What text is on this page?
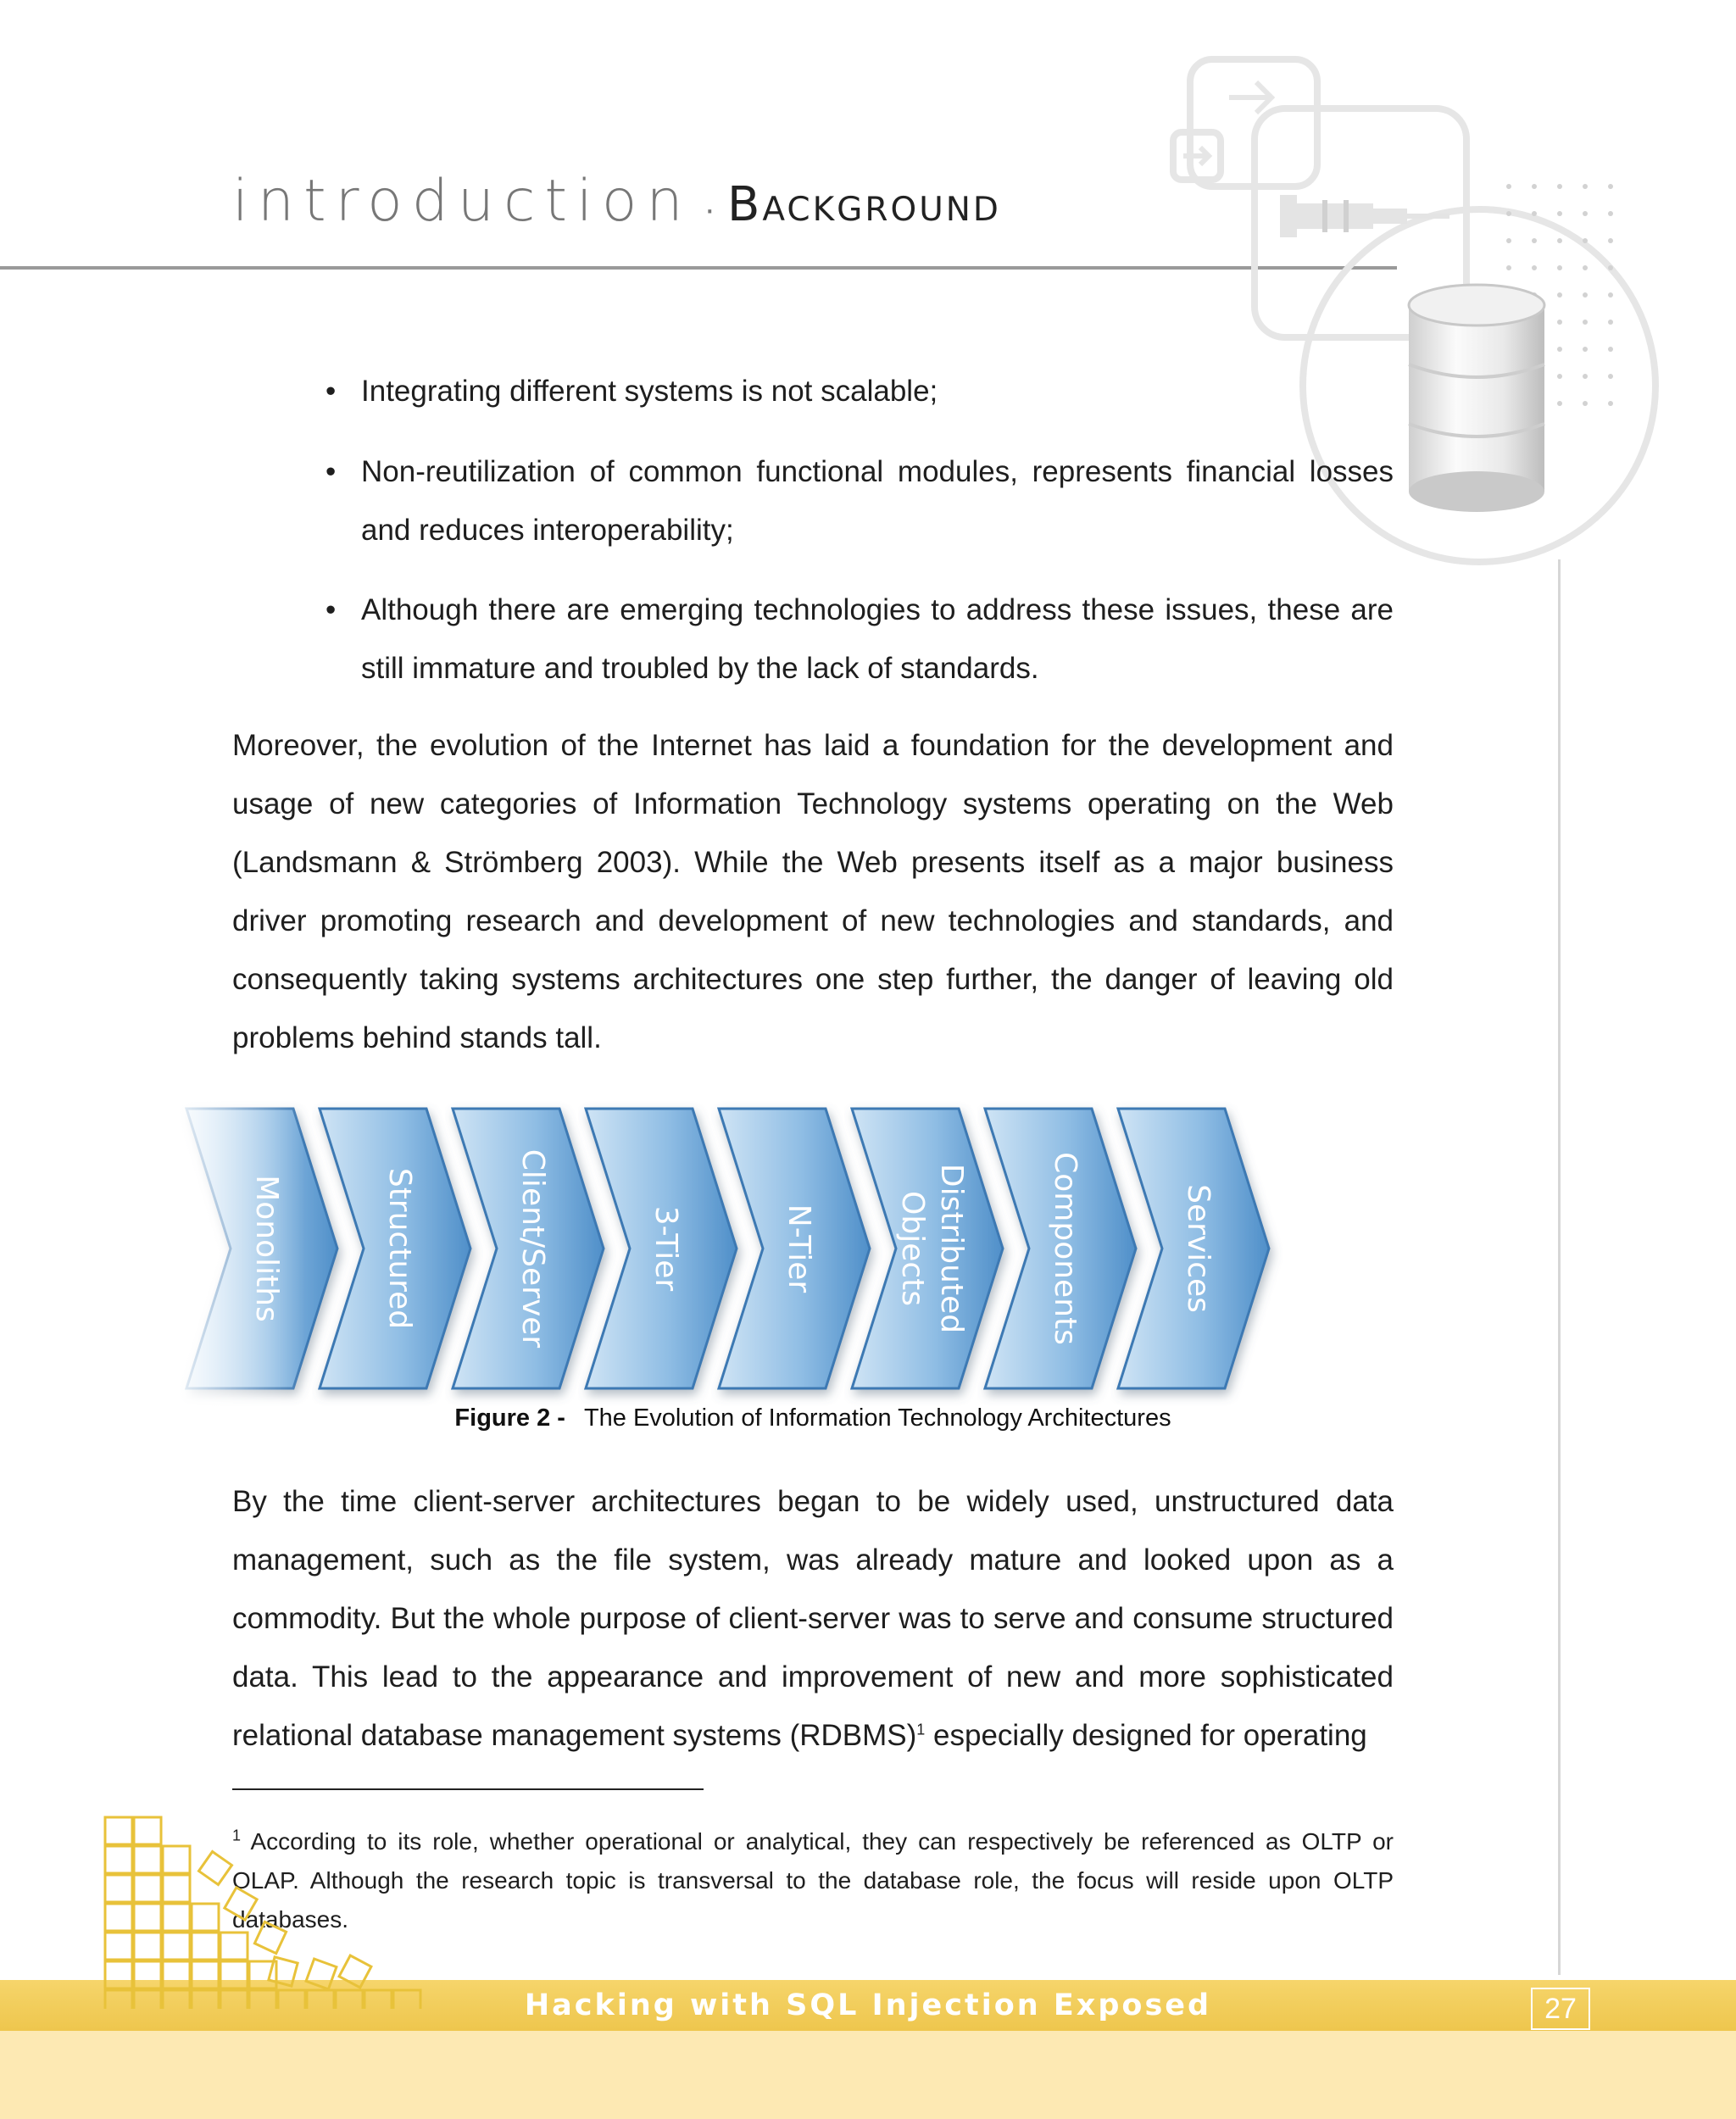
introduction · Background
• Integrating different systems is not scalable;
• Non-reutilization of common functional modules, represents financial losses and reduces interoperability;
• Although there are emerging technologies to address these issues, these are still immature and troubled by the lack of standards.
Moreover, the evolution of the Internet has laid a foundation for the development and usage of new categories of Information Technology systems operating on the Web (Landsmann & Strömberg 2003). While the Web presents itself as a major business driver promoting research and development of new technologies and standards, and consequently taking systems architectures one step further, the danger of leaving old problems behind stands tall.
Structured	Client/Server	3-Tier	N-Tier	DistributedObjects	Components	Services
Figure 2 - The Evolution of Information Technology Architectures
By the time client-server architectures began to be widely used, unstructured data management, such as the file system, was already mature and looked upon as a commodity. But the whole purpose of client-server was to serve and consume structured data. This lead to the appearance and improvement of new and more sophisticated relational database management systems (RDBMS)$^1$ especially designed for operating
$^1$ According to its role, whether operational or analytical, they can respectively be referenced as OLTP or OLAP. Although the research topic is transversal to the database role, the focus will reside upon OLTP databases.
Hacking with SQL Injection Exposed	27
